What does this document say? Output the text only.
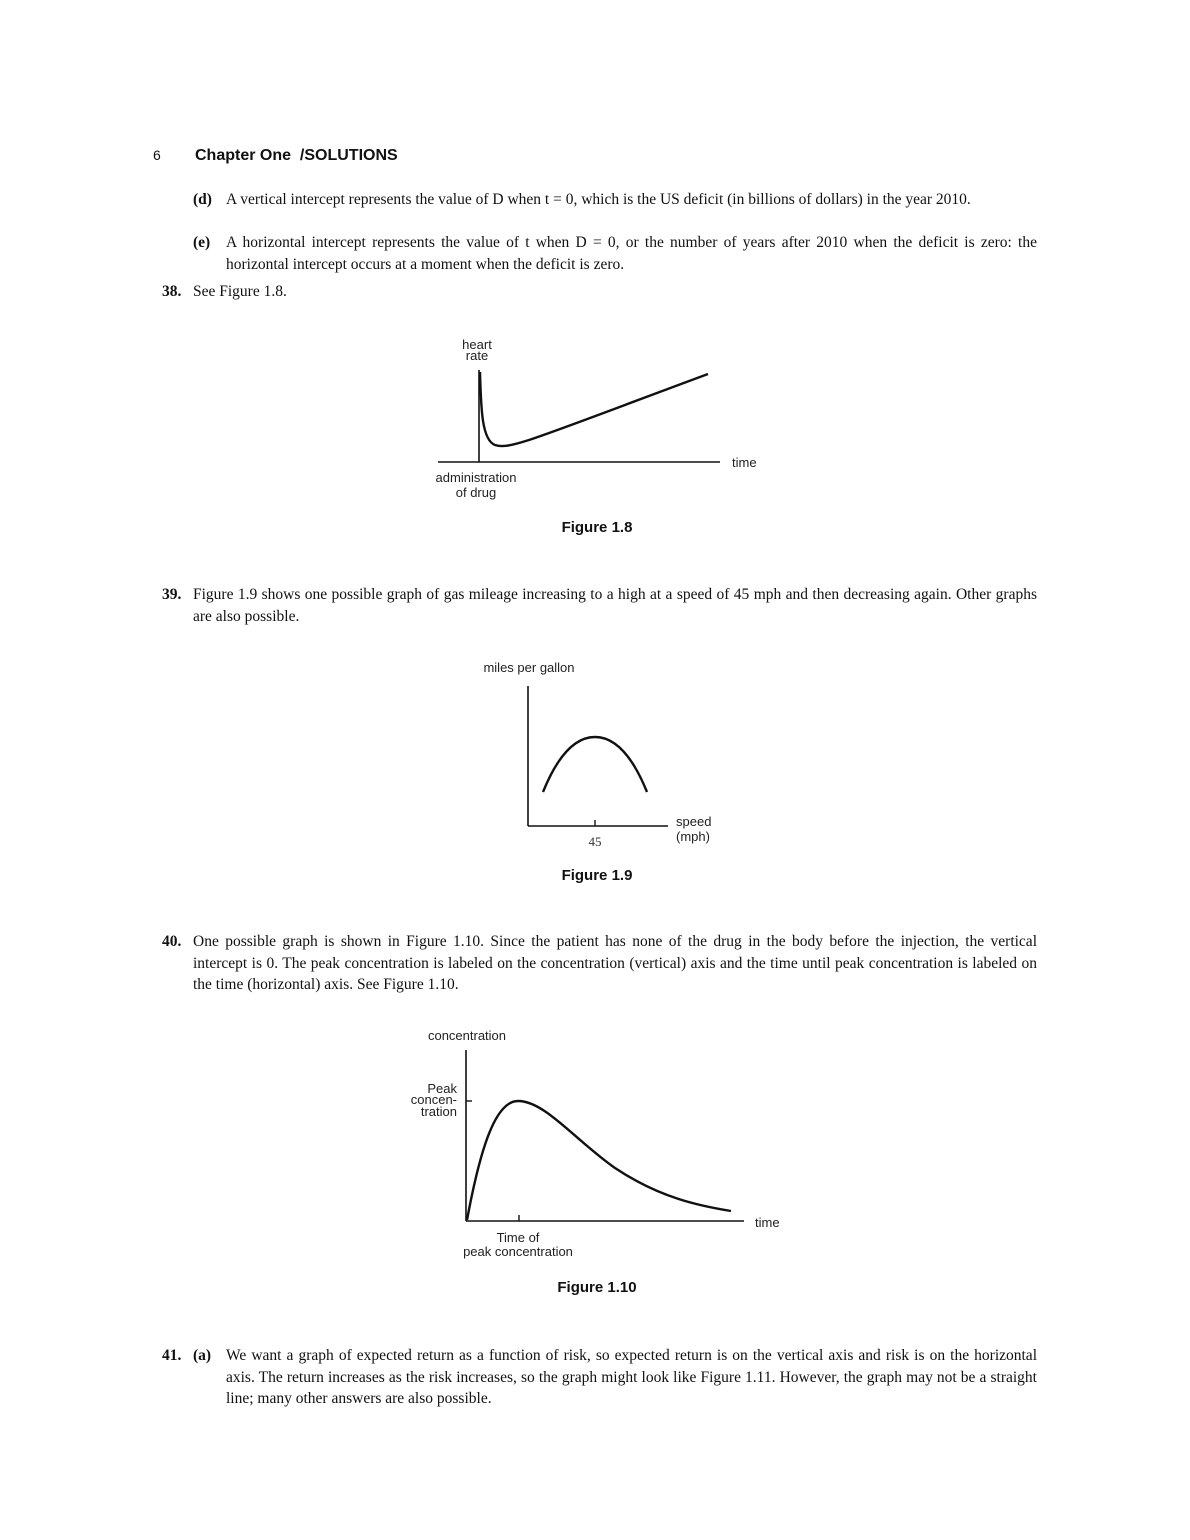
6 Chapter One /SOLUTIONS
(d) A vertical intercept represents the value of D when t = 0, which is the US deficit (in billions of dollars) in the year 2010.
(e) A horizontal intercept represents the value of t when D = 0, or the number of years after 2010 when the deficit is zero: the horizontal intercept occurs at a moment when the deficit is zero.
38. See Figure 1.8.
39. Figure 1.9 shows one possible graph of gas mileage increasing to a high at a speed of 45 mph and then decreasing again. Other graphs are also possible.
40. One possible graph is shown in Figure 1.10. Since the patient has none of the drug in the body before the injection, the vertical intercept is 0. The peak concentration is labeled on the concentration (vertical) axis and the time until peak concentration is labeled on the time (horizontal) axis. See Figure 1.10.
41. (a) We want a graph of expected return as a function of risk, so expected return is on the vertical axis and risk is on the horizontal axis. The return increases as the risk increases, so the graph might look like Figure 1.11. However, the graph may not be a straight line; many other answers are also possible.
heart
rate
time
administration
of drug
Figure 1.8
miles per gallon
45
speed
(mph)
Figure 1.9
concentration
Peak
concen-
tration
time
Time of
peak concentration
Figure 1.10
